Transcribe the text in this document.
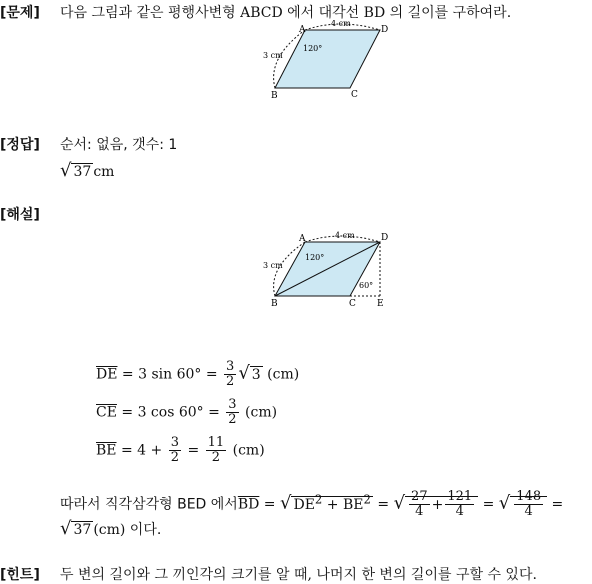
[문제] 다음 그림과 같은 평행사변형 ABCD 에서 대각선 BD 의 길이를 구하여라.
A	D
B	C
4 cm
3 cm
120°
[정답] 순서: 없음, 갯수: 1
√ 37 cm
[해설]
A	D
B	C E
4 cm
3 cm
120°
60°
$\overline{DE} = 3$ $\sin 60^\circ = \frac{3}{2}$ √ 3 (cm)
$\overline{CE} = 3$ $\cos 60^\circ = \frac{3}{2} (cm)$
$\overline{BE} = 4 + \frac{3}{2} = \frac{11}{2} (cm)$
따라서 직각삼각형 BED 에서$\overline{BD}$ = √ $DE^2 + \overline{BE}^2$ = √ $\frac{27}{4} + \frac{121}{4}$ = √ $\frac{148}{4}$ =
√ 37 (cm) 이다.
[힌트] 두 변의 길이와 그 끼인각의 크기를 알 때, 나머지 한 변의 길이를 구할 수 있다.
